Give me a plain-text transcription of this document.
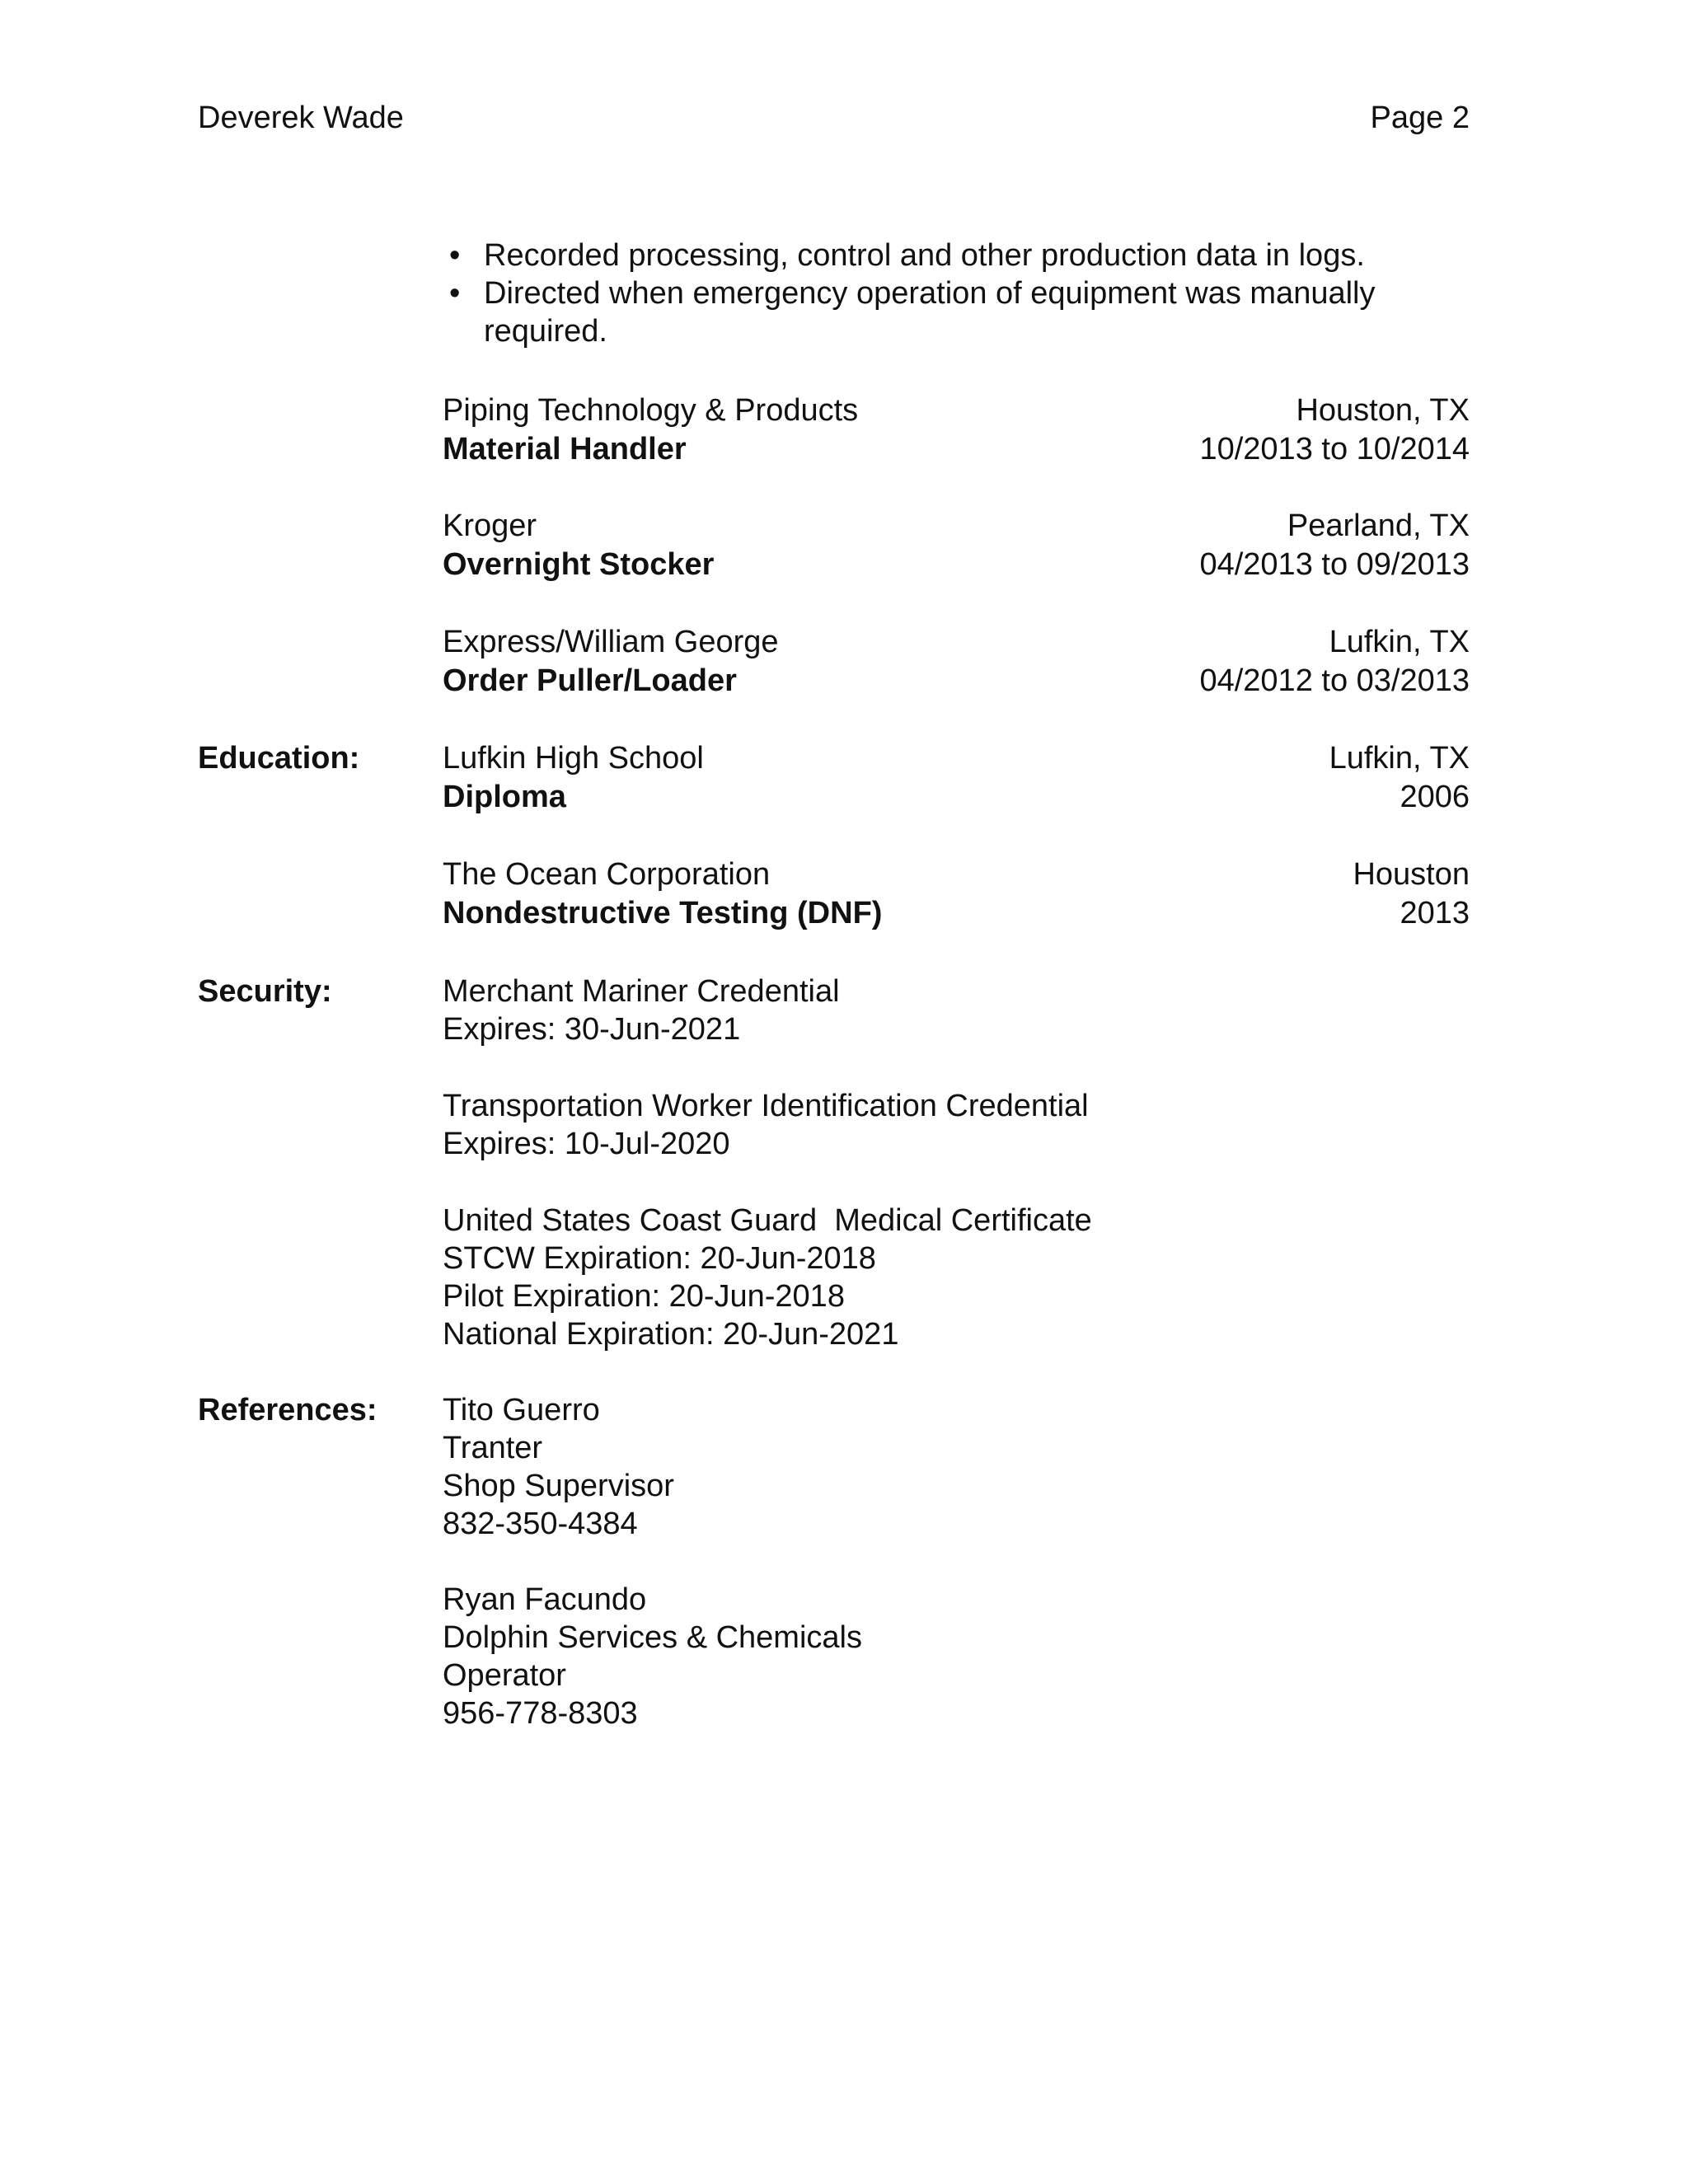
Deverek Wade	Page 2
• Recorded processing, control and other production data in logs.
• Directed when emergency operation of equipment was manually required.
Piping Technology & Products	Houston, TX
Material Handler	10/2013 to 10/2014
Kroger	Pearland, TX
Overnight Stocker	04/2013 to 09/2013
Express/William George	Lufkin, TX
Order Puller/Loader	04/2012 to 03/2013
Education:	Lufkin High School	Lufkin, TX
Diploma	2006
The Ocean Corporation	Houston
Nondestructive Testing (DNF)	2013
Security:	Merchant Mariner Credential
Expires: 30-Jun-2021
Transportation Worker Identification Credential
Expires: 10-Jul-2020
United States Coast Guard  Medical Certificate
STCW Expiration: 20-Jun-2018
Pilot Expiration: 20-Jun-2018
National Expiration: 20-Jun-2021
References: Tito Guerro
Tranter
Shop Supervisor
832-350-4384
Ryan Facundo
Dolphin Services & Chemicals
Operator
956-778-8303
